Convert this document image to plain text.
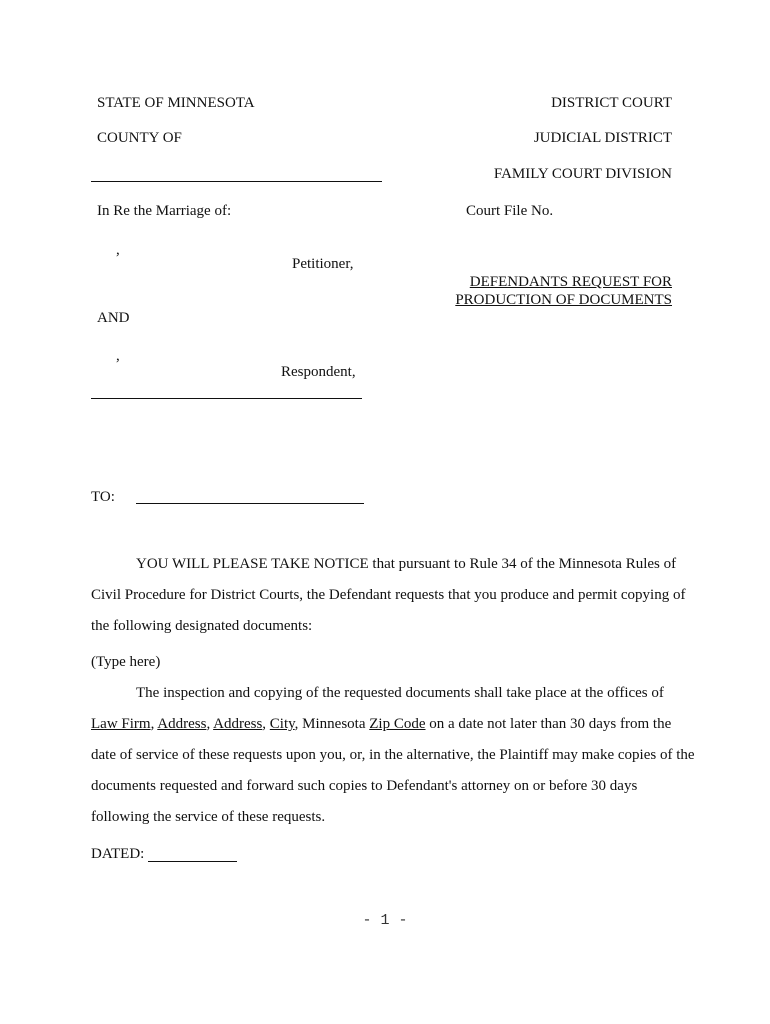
STATE OF MINNESOTA	DISTRICT COURT
COUNTY OF	JUDICIAL DISTRICT
FAMILY COURT DIVISION
In Re the Marriage of:	Court File No.
,
Petitioner,
DEFENDANTS REQUEST FOR
PRODUCTION OF DOCUMENTS
AND
,
Respondent,
TO:
YOU WILL PLEASE TAKE NOTICE that pursuant to Rule 34 of the Minnesota Rules of
Civil Procedure for District Courts, the Defendant requests that you produce and permit copying of
the following designated documents:
(Type here)
The inspection and copying of the requested documents shall take place at the offices of
Law Firm, Address, Address, City, Minnesota Zip Code on a date not later than 30 days from the
date of service of these requests upon you, or, in the alternative, the Plaintiff may make copies of the
documents requested and forward such copies to Defendant's attorney on or before 30 days
following the service of these requests.
DATED:
- 1 -
